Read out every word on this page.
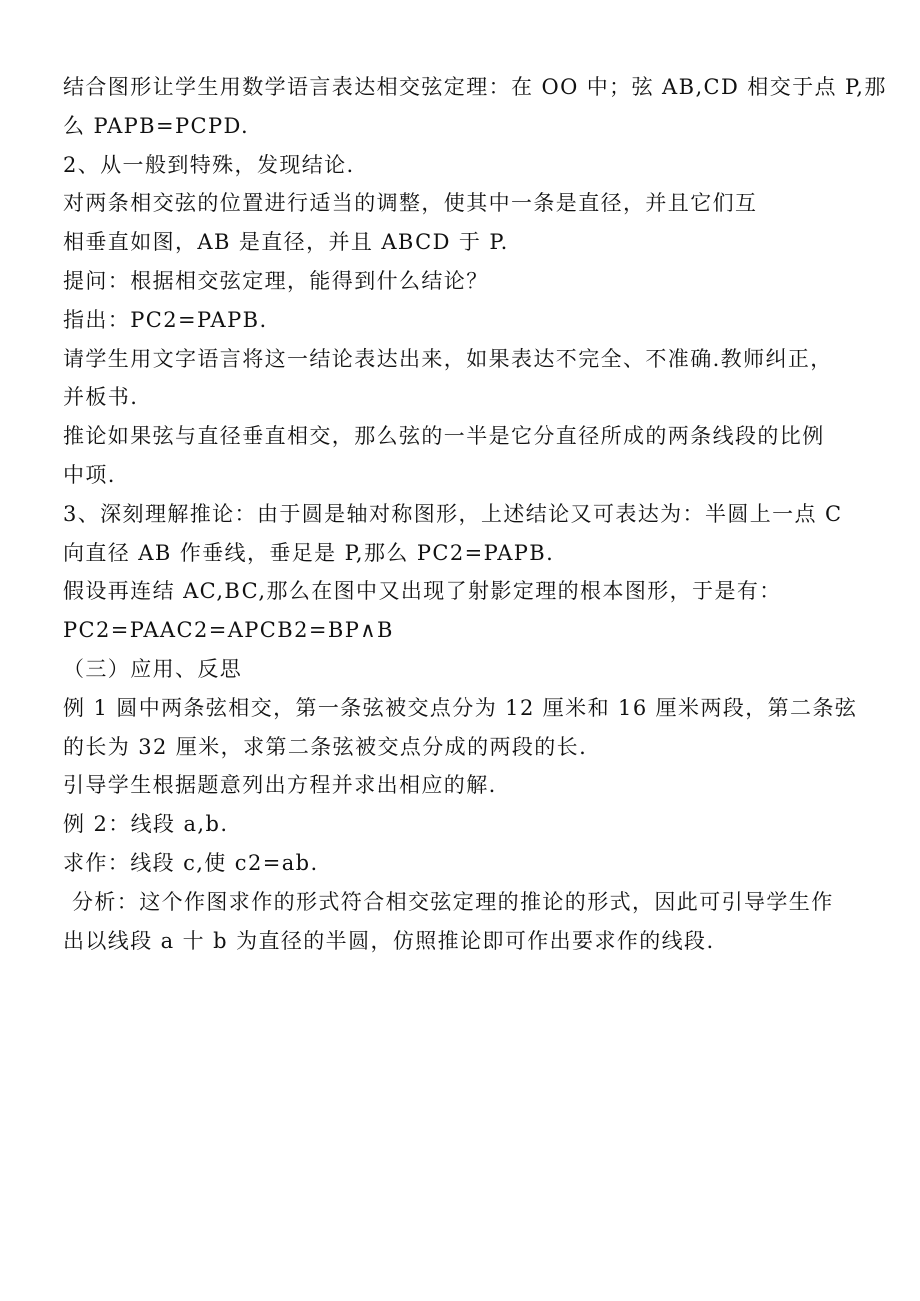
结合图形让学生用数学语言表达相交弦定理：在 OO 中；弦 AB,CD 相交于点 P,那
么 PAPB=PCPD.
2、从一般到特殊，发现结论.
对两条相交弦的位置进行适当的调整，使其中一条是直径，并且它们互
相垂直如图，AB 是直径，并且 ABCD 于 P.
提问：根据相交弦定理，能得到什么结论？
指出：PC2=PAPB.
请学生用文字语言将这一结论表达出来，如果表达不完全、不准确.教师纠正，
并板书.
推论如果弦与直径垂直相交，那么弦的一半是它分直径所成的两条线段的比例
中项.
3、深刻理解推论：由于圆是轴对称图形，上述结论又可表达为：半圆上一点 C
向直径 AB 作垂线，垂足是 P,那么 PC2=PAPB.
假设再连结 AC,BC,那么在图中又出现了射影定理的根本图形，于是有：
PC2=PAAC2=APCB2=BP∧B
（三）应用、反思
例 1 圆中两条弦相交，第一条弦被交点分为 12 厘米和 16 厘米两段，第二条弦
的长为 32 厘米，求第二条弦被交点分成的两段的长.
引导学生根据题意列出方程并求出相应的解.
例 2：线段 a,b.
求作：线段 c,使 c2=ab.
分析：这个作图求作的形式符合相交弦定理的推论的形式，因此可引导学生作
出以线段 a 十 b 为直径的半圆，仿照推论即可作出要求作的线段.
